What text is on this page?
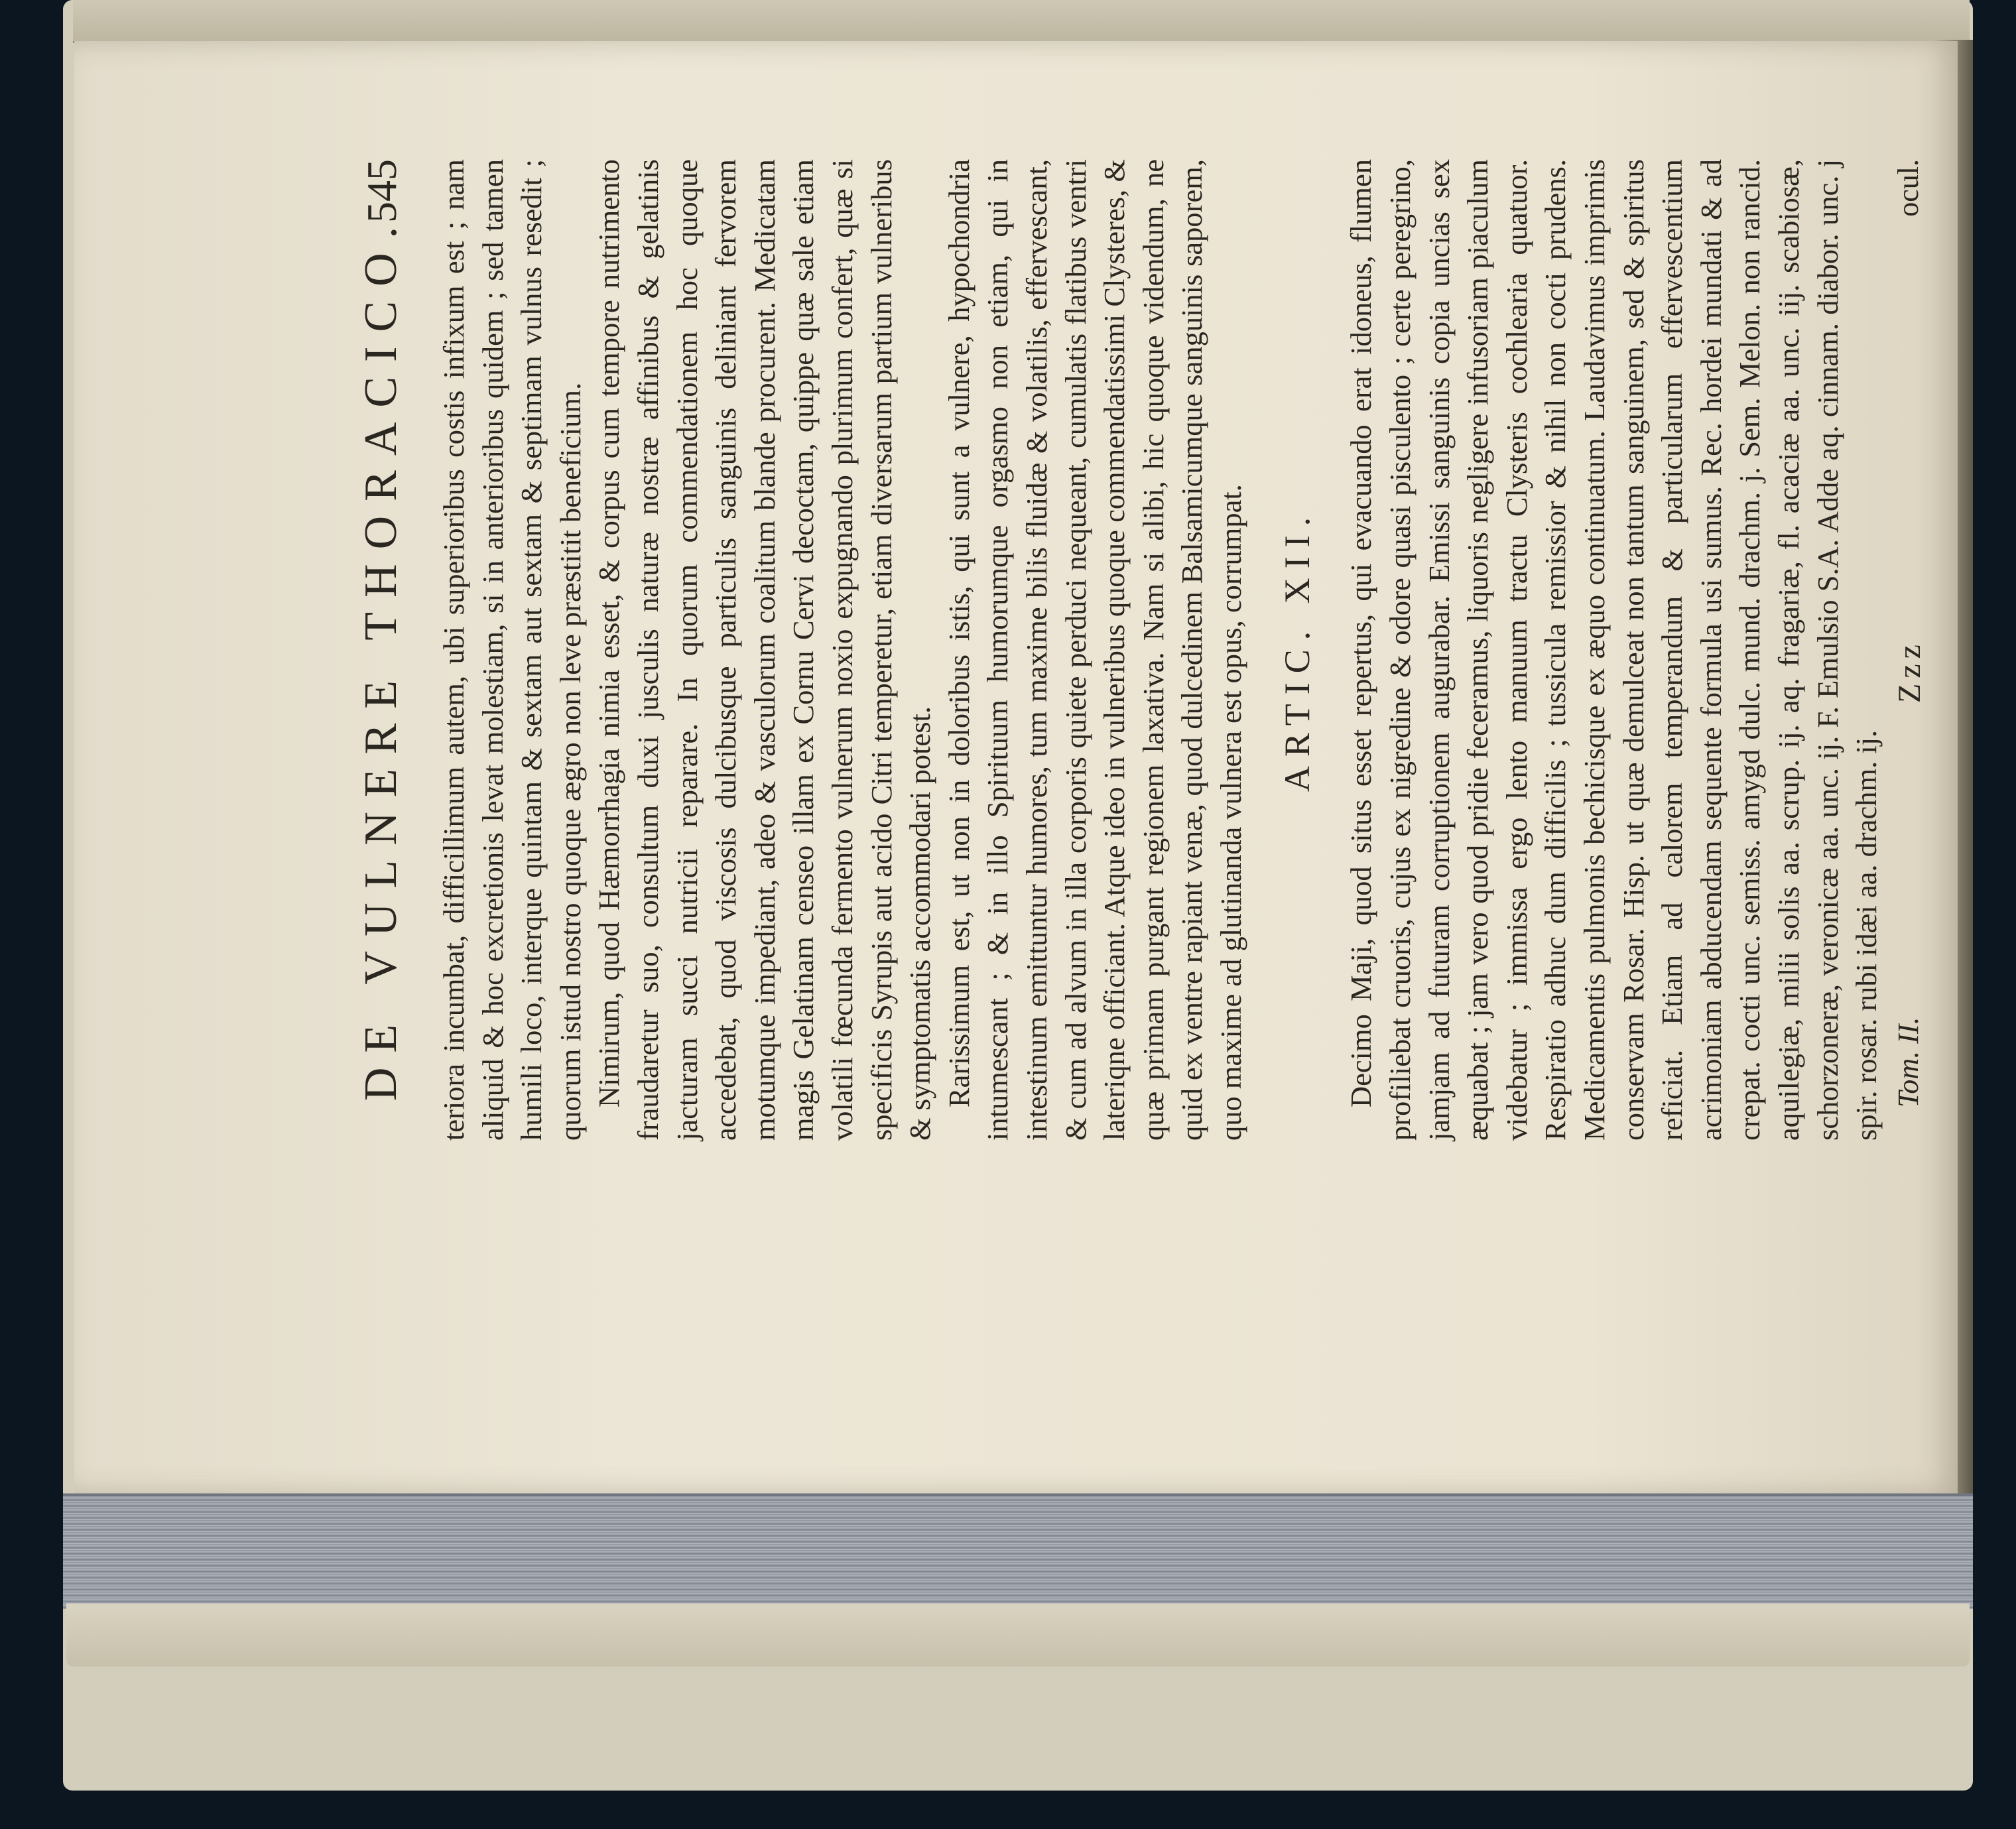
DE VULNERE THORACICO.
545 teriora incumbat, difficillimum autem, ubi superioribus costis infixum est ; nam aliquid & hoc excretionis levat molestiam, si in anterioribus quidem ; sed tamen humili loco, interque quintam & sextam aut sextam & septimam vulnus resedit ; quorum istud nostro quoque ægro non leve præstitit beneficium. Nimirum, quod Hæmorrhagia nimia esset, & corpus cum tempore nutrimento fraudaretur suo, consultum duxi jusculis naturæ nostræ affinibus & gelatinis jacturam succi nutricii reparare. In quorum commendationem hoc quoque accedebat, quod viscosis dulcibusque particulis sanguinis deliniant fervorem motumque impediant, adeo & vasculorum coalitum blande procurent. Medicatam magis Gelatinam censeo illam ex Cornu Cervi decoctam, quippe quæ sale etiam volatili fœcunda fermento vulnerum noxio expugnando plurimum confert, quæ si specificis Syrupis aut acido Citri temperetur, etiam diversarum partium vulneribus & symptomatis accommodari potest. Rarissimum est, ut non in doloribus istis, qui sunt a vulnere, hypochondria intumescant ; & in illo Spirituum humorumque orgasmo non etiam, qui in intestinum emittuntur humores, tum maxime bilis fluidæ & volatilis, effervescant, & cum ad alvum in illa corporis quiete perduci nequeant, cumulatis flatibus ventri lateriqne officiant. Atque ideo in vulneribus quoque commendatissimi Clysteres, & quæ primam purgant regionem laxativa. Nam si alibi, hic quoque videndum, ne quid ex ventre rapiant venæ, quod dulcedinem Balsamicumque sanguinis saporem, quo maxime ad glutinanda vulnera est opus, corrumpat. ARTIC. XII. Decimo Maji, quod situs esset repertus, qui evacuando erat idoneus, flumen profiliebat cruoris, cujus ex nigredine & odore quasi pisculento ; certe peregrino, jamjam ad futuram corruptionem augurabar. Emissi sanguinis copia uncias sex æquabat ; jam vero quod pridie feceramus, liquoris negligere infusoriam piaculum videbatur ; immissa ergo lento manuum tractu Clysteris cochlearia quatuor. Respiratio adhuc dum difficilis ; tussicula remissior & nihil non cocti prudens. Medicamentis pulmonis bechicisque ex æquo continuatum. Laudavimus imprimis conservam Rosar. Hisp. ut quæ demulceat non tantum sanguinem, sed & spiritus reficiat. Etiam ad calorem temperandum & particularum effervescentium acrimoniam abducendam sequente formula usi sumus. Rec. hordei mundati & ad crepat. cocti unc. semiss. amygd dulc. mund. drachm. j. Sem. Melon. non rancid. aquilegiæ, milii solis aa. scrup. ij. aq. fragariæ, fl. acaciæ aa. unc. iij. scabiosæ, schorzoneræ, veronicæ aa. unc. ij. F. Emulsio S.A. Adde aq. cinnam. diabor. unc. j spir. rosar. rubi idæi aa. drachm. ij. Tom. II.
Zzz
ocul.
